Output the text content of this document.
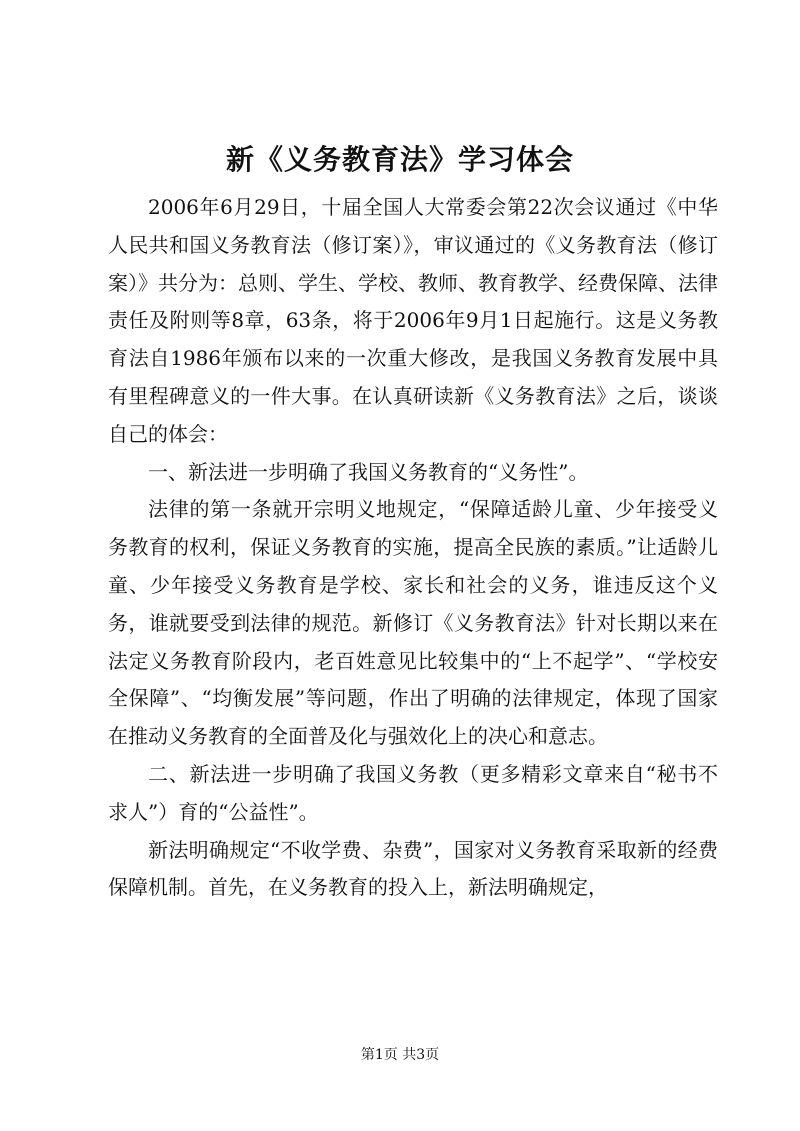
新《义务教育法》学习体会

2006年6月29日，十届全国人大常委会第22次会议通过《中华人民共和国义务教育法（修订案）》，审议通过的《义务教育法（修订案）》共分为：总则、学生、学校、教师、教育教学、经费保障、法律责任及附则等8章，63条，将于2006年9月1日起施行。这是义务教育法自1986年颁布以来的一次重大修改，是我国义务教育发展中具有里程碑意义的一件大事。在认真研读新《义务教育法》之后，谈谈自己的体会：

一、新法进一步明确了我国义务教育的“义务性”。

法律的第一条就开宗明义地规定，“保障适龄儿童、少年接受义务教育的权利，保证义务教育的实施，提高全民族的素质。”让适龄儿童、少年接受义务教育是学校、家长和社会的义务，谁违反这个义务，谁就要受到法律的规范。新修订《义务教育法》针对长期以来在法定义务教育阶段内，老百姓意见比较集中的“上不起学”、“学校安全保障”、“均衡发展”等问题，作出了明确的法律规定，体现了国家在推动义务教育的全面普及化与强效化上的决心和意志。

二、新法进一步明确了我国义务教（更多精彩文章来自“秘书不求人”）育的“公益性”。

新法明确规定“不收学费、杂费”，国家对义务教育采取新的经费保障机制。首先，在义务教育的投入上，新法明确规定，

第1页 共3页
